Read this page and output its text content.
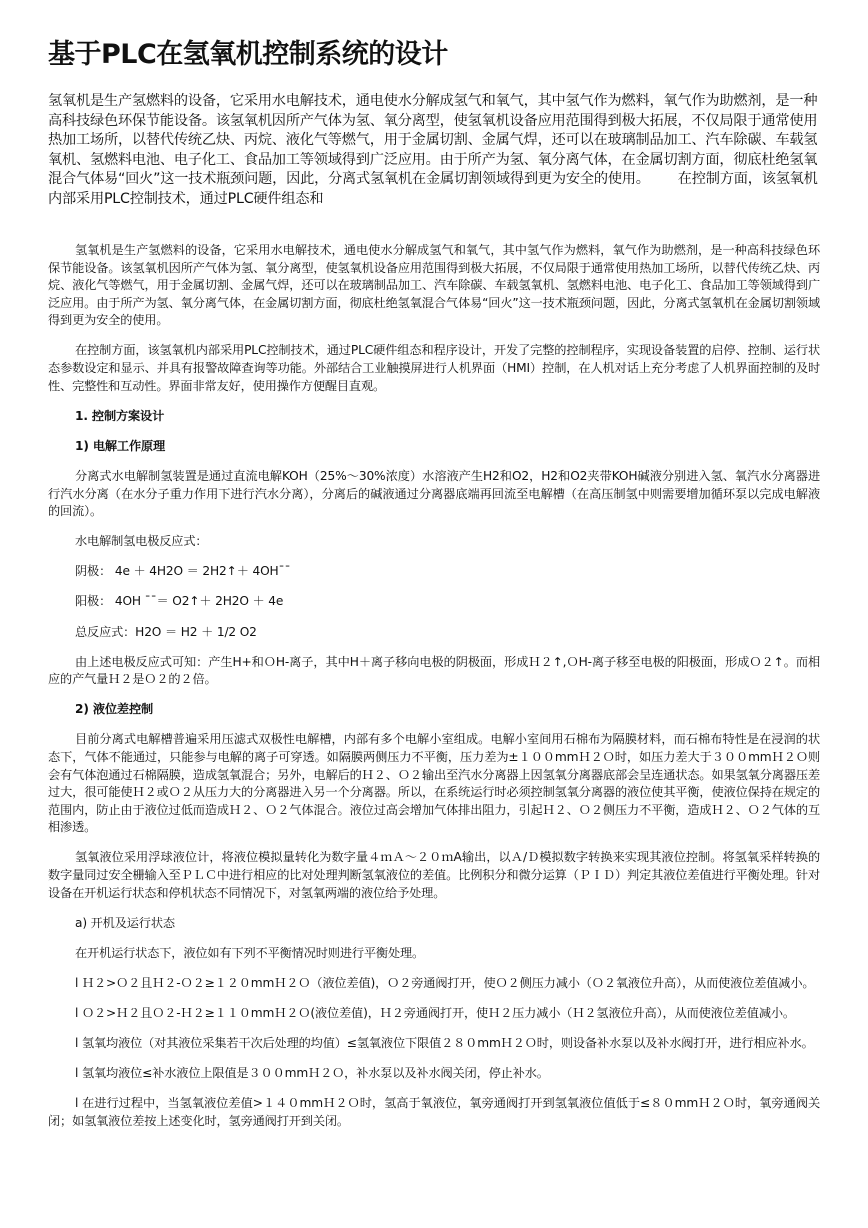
基于PLC在氢氧机控制系统的设计
氢氧机是生产氢燃料的设备，它采用水电解技术，通电使水分解成氢气和氧气，其中氢气作为燃料，氧气作为助燃剂，是一种高科技绿色环保节能设备。该氢氧机因所产气体为氢、氧分离型，使氢氧机设备应用范围得到极大拓展，不仅局限于通常使用热加工场所，以替代传统乙炔、丙烷、液化气等燃气，用于金属切割、金属气焊，还可以在玻璃制品加工、汽车除碳、车载氢氧机、氢燃料电池、电子化工、食品加工等领域得到广泛应用。由于所产为氢、氧分离气体，在金属切割方面，彻底杜绝氢氧混合气体易“回火”这一技术瓶颈问题，因此，分离式氢氧机在金属切割领域得到更为安全的使用。 在控制方面，该氢氧机内部采用PLC控制技术，通过PLC硬件组态和

氢氧机是生产氢燃料的设备，它采用水电解技术，通电使水分解成氢气和氧气，其中氢气作为燃料，氧气作为助燃剂，是一种高科技绿色环保节能设备。该氢氧机因所产气体为氢、氧分离型，使氢氧机设备应用范围得到极大拓展，不仅局限于通常使用热加工场所，以替代传统乙炔、丙烷、液化气等燃气，用于金属切割、金属气焊，还可以在玻璃制品加工、汽车除碳、车载氢氧机、氢燃料电池、电子化工、食品加工等领域得到广泛应用。由于所产为氢、氧分离气体，在金属切割方面，彻底杜绝氢氧混合气体易“回火”这一技术瓶颈问题，因此，分离式氢氧机在金属切割领域得到更为安全的使用。

在控制方面，该氢氧机内部采用PLC控制技术，通过PLC硬件组态和程序设计，开发了完整的控制程序，实现设备装置的启停、控制、运行状态参数设定和显示、并具有报警故障查询等功能。外部结合工业触摸屏进行人机界面（HMI）控制，在人机对话上充分考虑了人机界面控制的及时性、完整性和互动性。界面非常友好，使用操作方便醒目直观。

1. 控制方案设计

1) 电解工作原理

分离式水电解制氢装置是通过直流电解KOH（25%～30%浓度）水溶液产生H2和O2，H2和O2夹带KOH碱液分别进入氢、氧汽水分离器进行汽水分离（在水分子重力作用下进行汽水分离），分离后的碱液通过分离器底端再回流至电解槽（在高压制氢中则需要增加循环泵以完成电解液的回流）。

水电解制氢电极反应式：

阴极： 4e ＋ 4H2O ＝ 2H2↑＋ 4OH¯¯

阳极： 4OH ¯¯＝ O2↑＋ 2H2O ＋ 4e

总反应式：H2O ＝ H2 ＋ 1/2 O2

由上述电极反应式可知：产生H+和ＯH-离子，其中H＋离子移向电极的阴极面，形成Ｈ２↑,ＯH-离子移至电极的阳极面，形成Ｏ２↑。而相应的产气量Ｈ２是Ｏ２的２倍。

2) 液位差控制

目前分离式电解槽普遍采用压滤式双极性电解槽，内部有多个电解小室组成。电解小室间用石棉布为隔膜材料，而石棉布特性是在浸润的状态下，气体不能通过，只能参与电解的离子可穿透。如隔膜两侧压力不平衡，压力差为±１００mmＨ２Ｏ时，如压力差大于３００mmＨ２Ｏ则会有气体泡通过石棉隔膜，造成氢氧混合；另外，电解后的Ｈ２、Ｏ２输出至汽水分离器上因氢氧分离器底部会呈连通状态。如果氢氧分离器压差过大，很可能使Ｈ２或Ｏ２从压力大的分离器进入另一个分离器。所以，在系统运行时必须控制氢氧分离器的液位使其平衡，使液位保持在规定的范围内，防止由于液位过低而造成Ｈ２、Ｏ２气体混合。液位过高会增加气体排出阻力，引起Ｈ２、Ｏ２侧压力不平衡，造成Ｈ２、Ｏ２气体的互相渗透。

氢氧液位采用浮球液位计，将液位模拟量转化为数字量４ｍＡ～２０ｍA输出，以Ａ/Ｄ模拟数字转换来实现其液位控制。将氢氧采样转换的数字量同过安全栅输入至ＰＬＣ中进行相应的比对处理判断氢氧液位的差值。比例积分和微分运算（ＰＩＤ）判定其液位差值进行平衡处理。针对设备在开机运行状态和停机状态不同情况下，对氢氧两端的液位给予处理。

a) 开机及运行状态

在开机运行状态下，液位如有下列不平衡情况时则进行平衡处理。

l Ｈ２>Ｏ２且Ｈ２-Ｏ２≥１２０mmＨ２Ｏ（液位差值)，Ｏ２旁通阀打开，使Ｏ２侧压力减小（Ｏ２氧液位升高），从而使液位差值减小。

l Ｏ２>Ｈ２且Ｏ２-Ｈ２≥１１０mmＨ２Ｏ(液位差值)，Ｈ２旁通阀打开，使Ｈ２压力减小（Ｈ２氢液位升高），从而使液位差值减小。

l 氢氧均液位（对其液位采集若干次后处理的均值）≤氢氧液位下限值２８０mmＨ２Ｏ时，则设备补水泵以及补水阀打开，进行相应补水。

l 氢氧均液位≤补水液位上限值是３００mmＨ２Ｏ，补水泵以及补水阀关闭，停止补水。

l 在进行过程中，当氢氧液位差值>１４０mmＨ２Ｏ时，氢高于氧液位，氧旁通阀打开到氢氧液位值低于≤８０mmＨ２Ｏ时，氧旁通阀关闭；如氢氧液位差按上述变化时，氢旁通阀打开到关闭。
